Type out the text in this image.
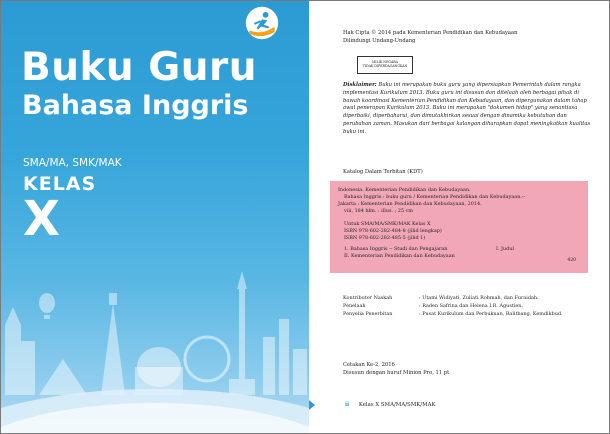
Buku Guru
Bahasa Inggris
SMA/MA, SMK/MAK
KELAS
X
Hak Cipta © 2014 pada Kementerian Pendidikan dan Kebudayaan
Dilindungi Undang-Undang
MILIK NEGARA
TIDAK DIPERDAGANGKAN
Disklaimer: Buku ini merupakan buku guru yang dipersiapkan Pemerintah dalam rangka implementasi Kurikulum 2013. Buku guru ini disusun dan ditelaah oleh berbagai pihak di bawah koordinasi Kementerian Pendidikan dan Kebudayaan, dan dipergunakan dalam tahap awal penerapan Kurikulum 2013. Buku ini merupakan "dokumen hidup" yang senantiasa diperbaiki, diperbaharui, dan dimutakhirkan sesuai dengan dinamika kebutuhan dan perubahan zaman. Masukan dari berbagai kalangan diharapkan dapat meningkatkan kualitas buku ini.
Katalog Dalam Terbitan (KDT)
Indonesia. Kementerian Pendidikan dan Kebudayaan.
Bahasa Inggris : buku guru / Kementerian Pendidikan dan Kebudayaan.--
Jakarta : Kementerian Pendidikan dan Kebudayaan, 2014.
viii, 184 hlm. : illus. ; 25 cm
Untuk SMA/MA/SMK/MAK Kelas X
ISBN 978-602-282-484-8 (jilid lengkap)
ISBN 978-602-282-485-5 (jilid 1)
1. Bahasa Inggris -- Studi dan Pengajaran	I. Judul
II. Kementerian Pendidikan dan Kebudayaan
420
Kontributor Naskah	: Utami Widiyati, Zuliati Rohmah, dan Furaidah.
Penelaah	: Raden Safrina dan Helena I.R. Agustien.
Penyelia Penerbitan	: Pusat Kurikulum dan Perbukuan, Balitbang, Kemdikbud.
Cetakan Ke-2, 2016
Disusun dengan huruf Minion Pro, 11 pt
ii Kelas X SMA/MA/SMK/MAK
